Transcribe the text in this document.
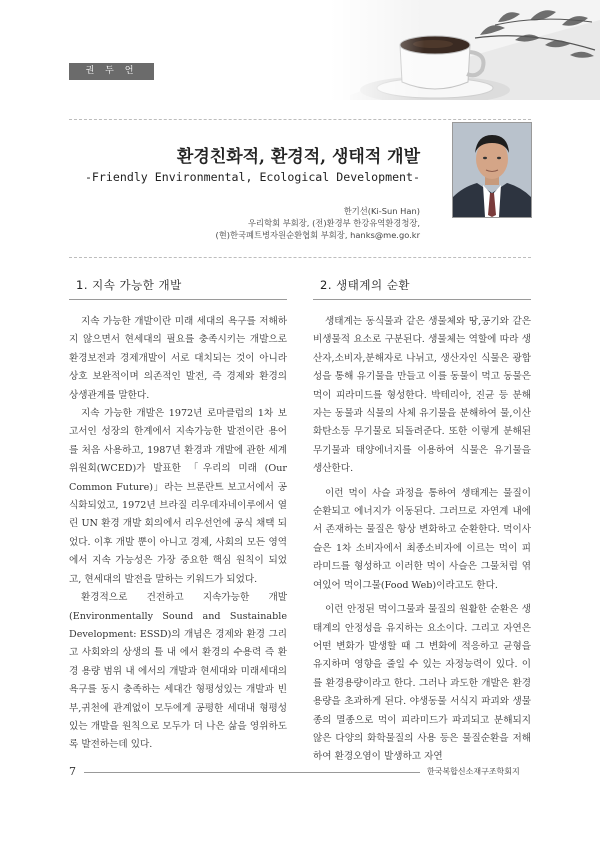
권 두 언
환경친화적, 환경적, 생태적 개발
-Friendly Environmental, Ecological Development-
한기선(Ki-Sun Han)
우리학회 부회장, (전)환경부 한강유역환경청장,
(현)한국폐트병자원순환협회 부회장, hanks@me.go.kr
1. 지속 가능한 개발

지속 가능한 개발이란 미래 세대의 욕구를 저해하지 않으면서 현세대의 필요를 충족시키는 개발으로 환경보전과 경제개발이 서로 대치되는 것이 아니라 상호 보완적이며 의존적인 발전, 즉 경제와 환경의 상생관계를 말한다.

지속 가능한 개발은 1972년 로마클럽의 1차 보고서인 성장의 한계에서 지속가능한 발전이란 용어를 처음 사용하고, 1987년 환경과 개발에 관한 세계위원회(WCED)가 발표한 「우리의 미래 (Our Common Future)」라는 브룬란트 보고서에서 공식화되었고, 1972년 브라질 리우데자네이루에서 열린 UN 환경 개발 회의에서 리우선언에 공식 채택 되었다. 이후 개발 뿐이 아니고 경제, 사회의 모든 영역에서 지속 가능성은 가장 중요한 핵심 원칙이 되었고, 현세대의 발전을 말하는 키워드가 되었다.

환경적으로 건전하고 지속가능한 개발 (Environmentally Sound and Sustainable Development: ESSD)의 개념은 경제와 환경 그리고 사회와의 상생의 틀 내 에서 환경의 수용력 즉 환경 용량 범위 내 에서의 개발과 현세대와 미래세대의 욕구를 동시 충족하는 세대간 형평성있는 개발과 빈부,귀천에 관계없이 모두에게 공평한 세대내 형평성 있는 개발을 원칙으로 모두가 더 나은 삶을 영위하도록 발전하는데 있다.

2. 생태계의 순환

생태계는 동식물과 같은 생물체와 땅,공기와 같은 비생물적 요소로 구분된다. 생물체는 역할에 따라 생산자,소비자,분해자로 나뉘고, 생산자인 식물은 광합성을 통해 유기물을 만들고 이를 동물이 먹고 동물은 먹이 피라미드를 형성한다. 박테리아, 진균 등 분해자는 동물과 식물의 사체 유기물을 분해하여 물,이산화탄소등 무기물로 되돌려준다. 또한 이렇게 분해된 무기물과 태양에너지를 이용하여 식물은 유기물을 생산한다.

이런 먹이 사슬 과정을 통하여 생태계는 물질이 순환되고 에너지가 이동된다. 그러므로 자연계 내에서 존재하는 물질은 항상 변화하고 순환한다. 먹이사슬은 1차 소비자에서 최종소비자에 이르는 먹이 피라미드를 형성하고 이러한 먹이 사슬은 그물처럼 엮여있어 먹이그물(Food Web)이라고도 한다.

이런 안정된 먹이그물과 물질의 원활한 순환은 생태계의 안정성을 유지하는 요소이다. 그리고 자연은 어떤 변화가 발생할 때 그 변화에 적응하고 균형을 유지하며 영향을 줄일 수 있는 자정능력이 있다. 이를 환경용량이라고 한다. 그러나 과도한 개발은 환경용량을 초과하게 된다. 야생동물 서식지 파괴와 생물종의 멸종으로 먹이 피라미드가 파괴되고 분해되지 않은 다양의 화학물질의 사용 등은 물질순환을 저해하여 환경오염이 발생하고 자연

7	한국복합신소재구조학회지
